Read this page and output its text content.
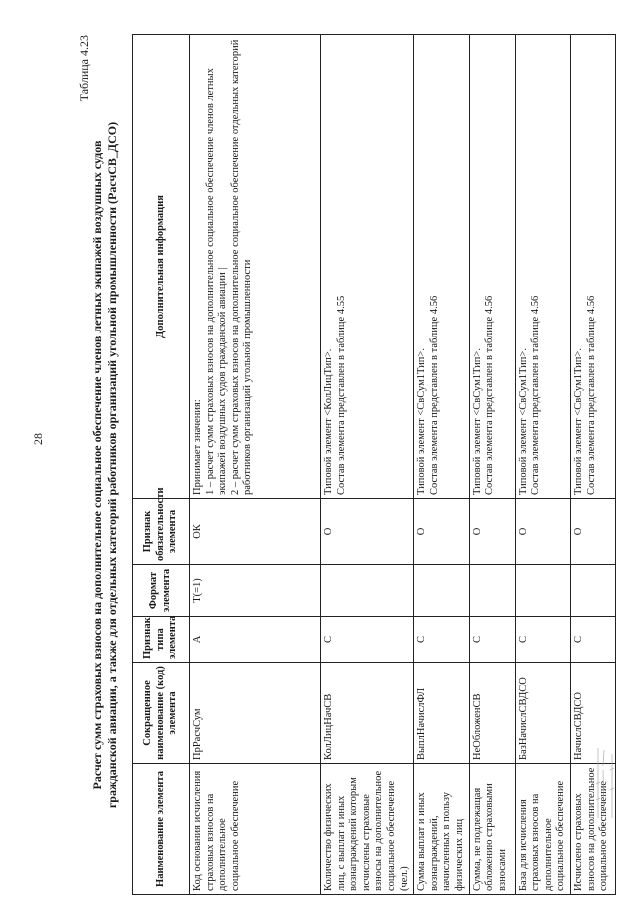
28
Таблица 4.23
Расчет сумм страховых взносов на дополнительное социальное обеспечение членов летных экипажей воздушных судов гражданской авиации, а также для отдельных категорий работников организаций угольной промышленности (РасчСВ_ДСО)
Наименование элемента	Сокращенное наименование (код) элемента	Признак типа элемента	Формат элемента	Признак обязательности элемента	Дополнительная информация
Код основания исчисления страховых взносов на дополнительное социальное обеспечение	ПрРасчСум	А	T(=1)	ОК	Принимает значения: 1 – расчет сумм страховых взносов на дополнительное социальное обеспечение членов летных экипажей воздушных судов гражданской авиации | 2 – расчет сумм страховых взносов на дополнительное социальное обеспечение отдельных категорий работников организаций угольной промышленности

Количество физических лиц, с выплат и иных вознаграждений которым исчислены страховые взносы на дополнительное социальное обеспечение (чел.)	КолЛицНачСВ	С		О	Типовой элемент <КолЛицТип>. Состав элемента представлен в таблице 4.55

Сумма выплат и иных вознаграждений, начисленных в пользу физических лиц	ВыплНачислФЛ	С		О	Типовой элемент <СвСум1Тип>. Состав элемента представлен в таблице 4.56

Сумма, не подлежащая обложению страховыми взносами	НеОбложенСВ	С		О	Типовой элемент <СвСум1Тип>. Состав элемента представлен в таблице 4.56

База для исчисления страховых взносов на дополнительное социальное обеспечение	БазНачислСВДСО	С		О	Типовой элемент <СвСум1Тип>. Состав элемента представлен в таблице 4.56

Исчислено страховых взносов на дополнительное социальное обеспечение	НачислСВДСО	С		О	Типовой элемент <СвСум1Тип>. Состав элемента представлен в таблице 4.56
